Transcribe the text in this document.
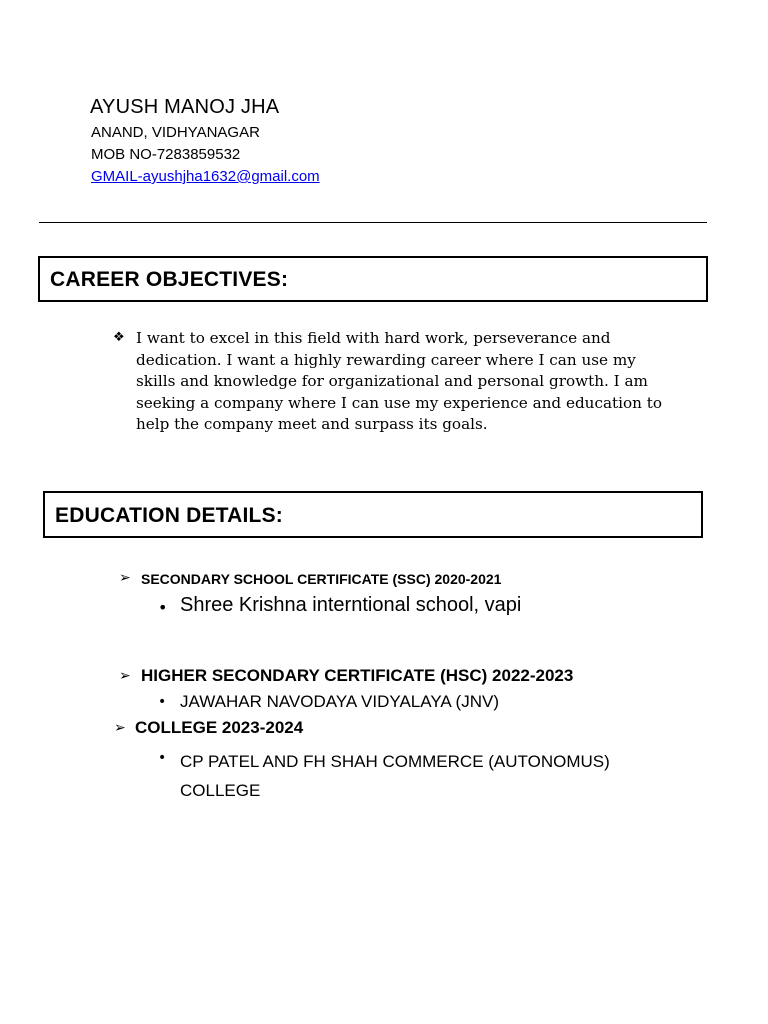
AYUSH MANOJ JHA
ANAND, VIDHYANAGAR
MOB NO-7283859532
GMAIL-ayushjha1632@gmail.com
CAREER OBJECTIVES:
❖ I want to excel in this field with hard work, perseverance and dedication. I want a highly rewarding career where I can use my skills and knowledge for organizational and personal growth. I am seeking a company where I can use my experience and education to help the company meet and surpass its goals.
EDUCATION DETAILS:
➢ SECONDARY SCHOOL CERTIFICATE (SSC) 2020-2021
• Shree Krishna interntional school, vapi
➢ HIGHER SECONDARY CERTIFICATE (HSC) 2022-2023
• JAWAHAR NAVODAYA VIDYALAYA (JNV)
➢ COLLEGE 2023-2024
• CP PATEL AND FH SHAH COMMERCE (AUTONOMUS) COLLEGE
